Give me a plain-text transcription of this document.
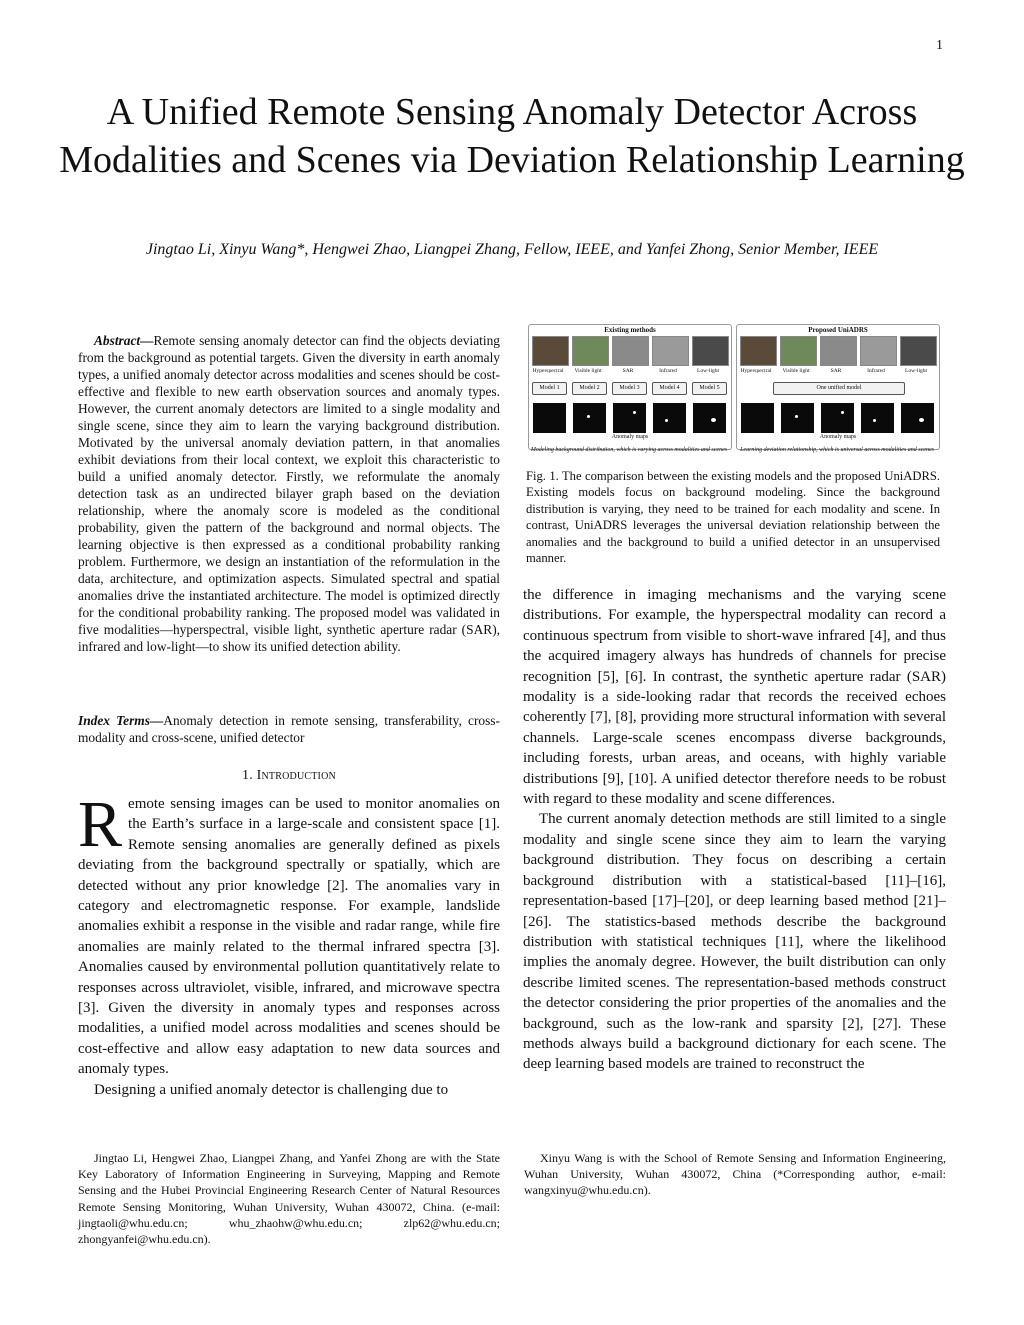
1
A Unified Remote Sensing Anomaly Detector Across Modalities and Scenes via Deviation Relationship Learning

Jingtao Li, Xinyu Wang*, Hengwei Zhao, Liangpei Zhang, Fellow, IEEE, and Yanfei Zhong, Senior Member, IEEE

Abstract—Remote sensing anomaly detector can find the objects deviating from the background as potential targets. Given the diversity in earth anomaly types, a unified anomaly detector across modalities and scenes should be cost-effective and flexible to new earth observation sources and anomaly types. However, the current anomaly detectors are limited to a single modality and single scene, since they aim to learn the varying background distribution. Motivated by the universal anomaly deviation pattern, in that anomalies exhibit deviations from their local context, we exploit this characteristic to build a unified anomaly detector. Firstly, we reformulate the anomaly detection task as an undirected bilayer graph based on the deviation relationship, where the anomaly score is modeled as the conditional probability, given the pattern of the background and normal objects. The learning objective is then expressed as a conditional probability ranking problem. Furthermore, we design an instantiation of the reformulation in the data, architecture, and optimization aspects. Simulated spectral and spatial anomalies drive the instantiated architecture. The model is optimized directly for the conditional probability ranking. The proposed model was validated in five modalities—hyperspectral, visible light, synthetic aperture radar (SAR), infrared and low-light—to show its unified detection ability.

Index Terms—Anomaly detection in remote sensing, transferability, cross-modality and cross-scene, unified detector

1. Introduction

Remote sensing images can be used to monitor anomalies on the Earth’s surface in a large-scale and consistent space [1]. Remote sensing anomalies are generally defined as pixels deviating from the background spectrally or spatially, which are detected without any prior knowledge [2]. The anomalies vary in category and electromagnetic response. For example, landslide anomalies exhibit a response in the visible and radar range, while fire anomalies are mainly related to the thermal infrared spectra [3]. Anomalies caused by environmental pollution quantitatively relate to responses across ultraviolet, visible, infrared, and microwave spectra [3]. Given the diversity in anomaly types and responses across modalities, a unified model across modalities and scenes should be cost-effective and allow easy adaptation to new data sources and anomaly types.

Designing a unified anomaly detector is challenging due to

Existing methods
Hyperspectral	Visible light	SAR	Infrared	Low-light
Model 1	Model 2	Model 3	Model 4	Model 5
Anomaly maps
Proposed UniADRS
Hyperspectral	Visible light	SAR	Infrared	Low-light
One unified model
Anomaly maps
Modeling background distribution, which is varying across modalities and scenes	Learning deviation relationship, which is universal across modalities and scenes

Fig. 1. The comparison between the existing models and the proposed UniADRS. Existing models focus on background modeling. Since the background distribution is varying, they need to be trained for each modality and scene. In contrast, UniADRS leverages the universal deviation relationship between the anomalies and the background to build a unified detector in an unsupervised manner.

the difference in imaging mechanisms and the varying scene distributions. For example, the hyperspectral modality can record a continuous spectrum from visible to short-wave infrared [4], and thus the acquired imagery always has hundreds of channels for precise recognition [5], [6]. In contrast, the synthetic aperture radar (SAR) modality is a side-looking radar that records the received echoes coherently [7], [8], providing more structural information with several channels. Large-scale scenes encompass diverse backgrounds, including forests, urban areas, and oceans, with highly variable distributions [9], [10]. A unified detector therefore needs to be robust with regard to these modality and scene differences.

The current anomaly detection methods are still limited to a single modality and single scene since they aim to learn the varying background distribution. They focus on describing a certain background distribution with a statistical-based [11]–[16], representation-based [17]–[20], or deep learning based method [21]–[26]. The statistics-based methods describe the background distribution with statistical techniques [11], where the likelihood implies the anomaly degree. However, the built distribution can only describe limited scenes. The representation-based methods construct the detector considering the prior properties of the anomalies and the background, such as the low-rank and sparsity [2], [27]. These methods always build a background dictionary for each scene. The deep learning based models are trained to reconstruct the

Jingtao Li, Hengwei Zhao, Liangpei Zhang, and Yanfei Zhong are with the State Key Laboratory of Information Engineering in Surveying, Mapping and Remote Sensing and the Hubei Provincial Engineering Research Center of Natural Resources Remote Sensing Monitoring, Wuhan University, Wuhan 430072, China. (e-mail: jingtaoli@whu.edu.cn; whu_zhaohw@whu.edu.cn; zlp62@whu.edu.cn; zhongyanfei@whu.edu.cn).

Xinyu Wang is with the School of Remote Sensing and Information Engineering, Wuhan University, Wuhan 430072, China (*Corresponding author, e-mail: wangxinyu@whu.edu.cn).
